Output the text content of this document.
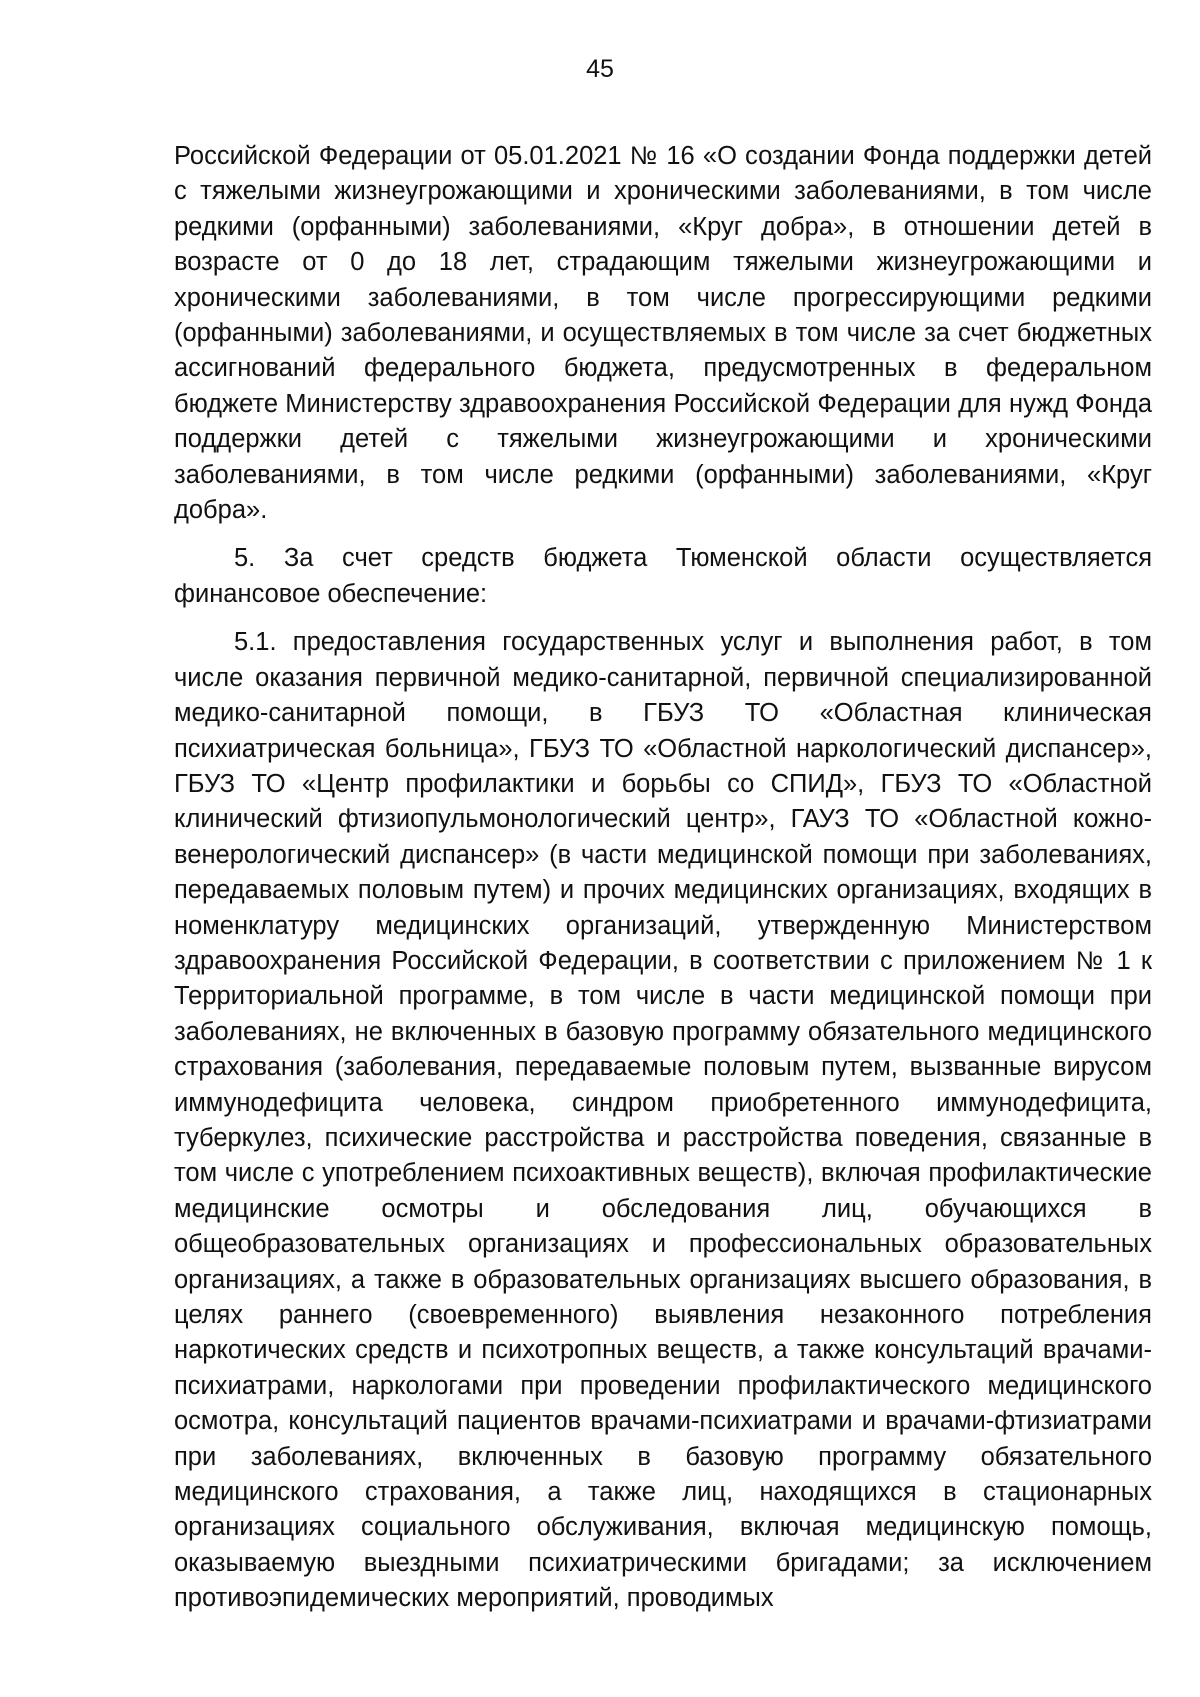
45

Российской Федерации от 05.01.2021 № 16 «О создании Фонда поддержки детей с тяжелыми жизнеугрожающими и хроническими заболеваниями, в том числе редкими (орфанными) заболеваниями, «Круг добра», в отношении детей в возрасте от 0 до 18 лет, страдающим тяжелыми жизнеугрожающими и хроническими заболеваниями, в том числе прогрессирующими редкими (орфанными) заболеваниями, и осуществляемых в том числе за счет бюджетных ассигнований федерального бюджета, предусмотренных в федеральном бюджете Министерству здравоохранения Российской Федерации для нужд Фонда поддержки детей с тяжелыми жизнеугрожающими и хроническими заболеваниями, в том числе редкими (орфанными) заболеваниями, «Круг добра».

5. За счет средств бюджета Тюменской области осуществляется финансовое обеспечение:

5.1. предоставления государственных услуг и выполнения работ, в том числе оказания первичной медико-санитарной, первичной специализированной медико-санитарной помощи, в ГБУЗ ТО «Областная клиническая психиатрическая больница», ГБУЗ ТО «Областной наркологический диспансер», ГБУЗ ТО «Центр профилактики и борьбы со СПИД», ГБУЗ ТО «Областной клинический фтизиопульмонологический центр», ГАУЗ ТО «Областной кожно-венерологический диспансер» (в части медицинской помощи при заболеваниях, передаваемых половым путем) и прочих медицинских организациях, входящих в номенклатуру медицинских организаций, утвержденную Министерством здравоохранения Российской Федерации, в соответствии с приложением № 1 к Территориальной программе, в том числе в части медицинской помощи при заболеваниях, не включенных в базовую программу обязательного медицинского страхования (заболевания, передаваемые половым путем, вызванные вирусом иммунодефицита человека, синдром приобретенного иммунодефицита, туберкулез, психические расстройства и расстройства поведения, связанные в том числе с употреблением психоактивных веществ), включая профилактические медицинские осмотры и обследования лиц, обучающихся в общеобразовательных организациях и профессиональных образовательных организациях, а также в образовательных организациях высшего образования, в целях раннего (своевременного) выявления незаконного потребления наркотических средств и психотропных веществ, а также консультаций врачами-психиатрами, наркологами при проведении профилактического медицинского осмотра, консультаций пациентов врачами-психиатрами и врачами-фтизиатрами при заболеваниях, включенных в базовую программу обязательного медицинского страхования, а также лиц, находящихся в стационарных организациях социального обслуживания, включая медицинскую помощь, оказываемую выездными психиатрическими бригадами; за исключением противоэпидемических мероприятий, проводимых
